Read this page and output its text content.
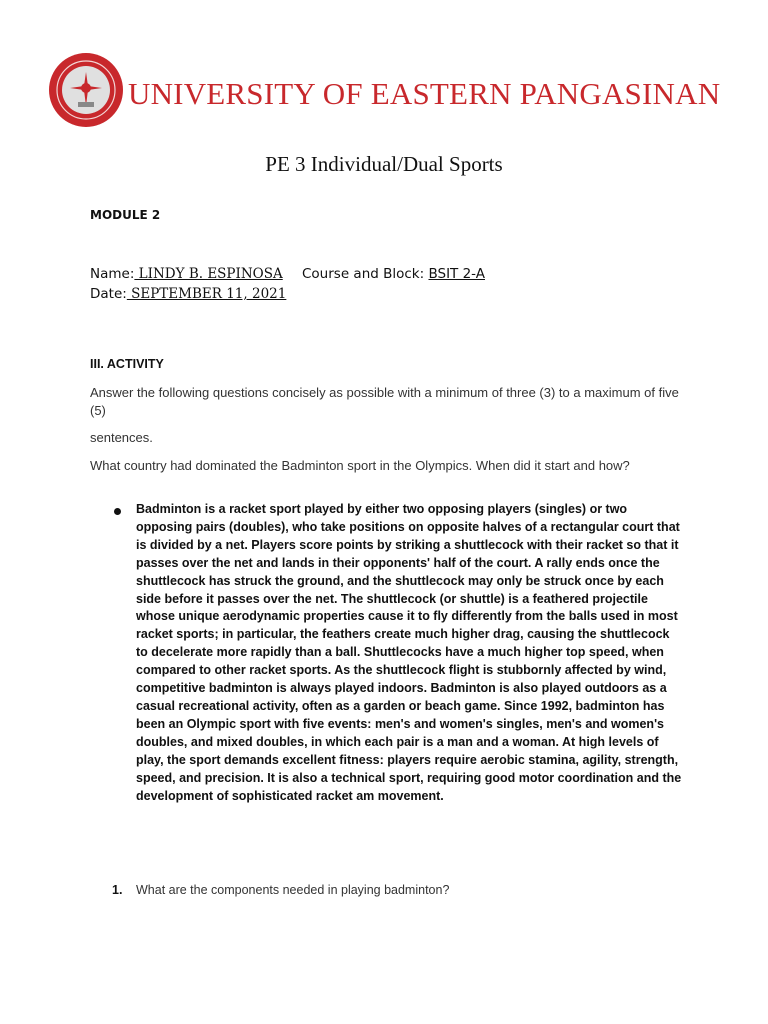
UNIVERSITY OF EASTERN PANGASINAN
PE 3 Individual/Dual Sports
MODULE 2
Name: LINDY B. ESPINOSA Course and Block: BSIT 2-A
Date: SEPTEMBER 11, 2021
III. ACTIVITY
Answer the following questions concisely as possible with a minimum of three (3) to a maximum of five (5)
sentences.
What country had dominated the Badminton sport in the Olympics. When did it start and how?
Badminton is a racket sport played by either two opposing players (singles) or two opposing pairs (doubles), who take positions on opposite halves of a rectangular court that is divided by a net. Players score points by striking a shuttlecock with their racket so that it passes over the net and lands in their opponents' half of the court. A rally ends once the shuttlecock has struck the ground, and the shuttlecock may only be struck once by each side before it passes over the net. The shuttlecock (or shuttle) is a feathered projectile whose unique aerodynamic properties cause it to fly differently from the balls used in most racket sports; in particular, the feathers create much higher drag, causing the shuttlecock to decelerate more rapidly than a ball. Shuttlecocks have a much higher top speed, when compared to other racket sports. As the shuttlecock flight is stubbornly affected by wind, competitive badminton is always played indoors. Badminton is also played outdoors as a casual recreational activity, often as a garden or beach game. Since 1992, badminton has been an Olympic sport with five events: men's and women's singles, men's and women's doubles, and mixed doubles, in which each pair is a man and a woman. At high levels of play, the sport demands excellent fitness: players require aerobic stamina, agility, strength, speed, and precision. It is also a technical sport, requiring good motor coordination and the development of sophisticated racket am movement.
1. What are the components needed in playing badminton?
